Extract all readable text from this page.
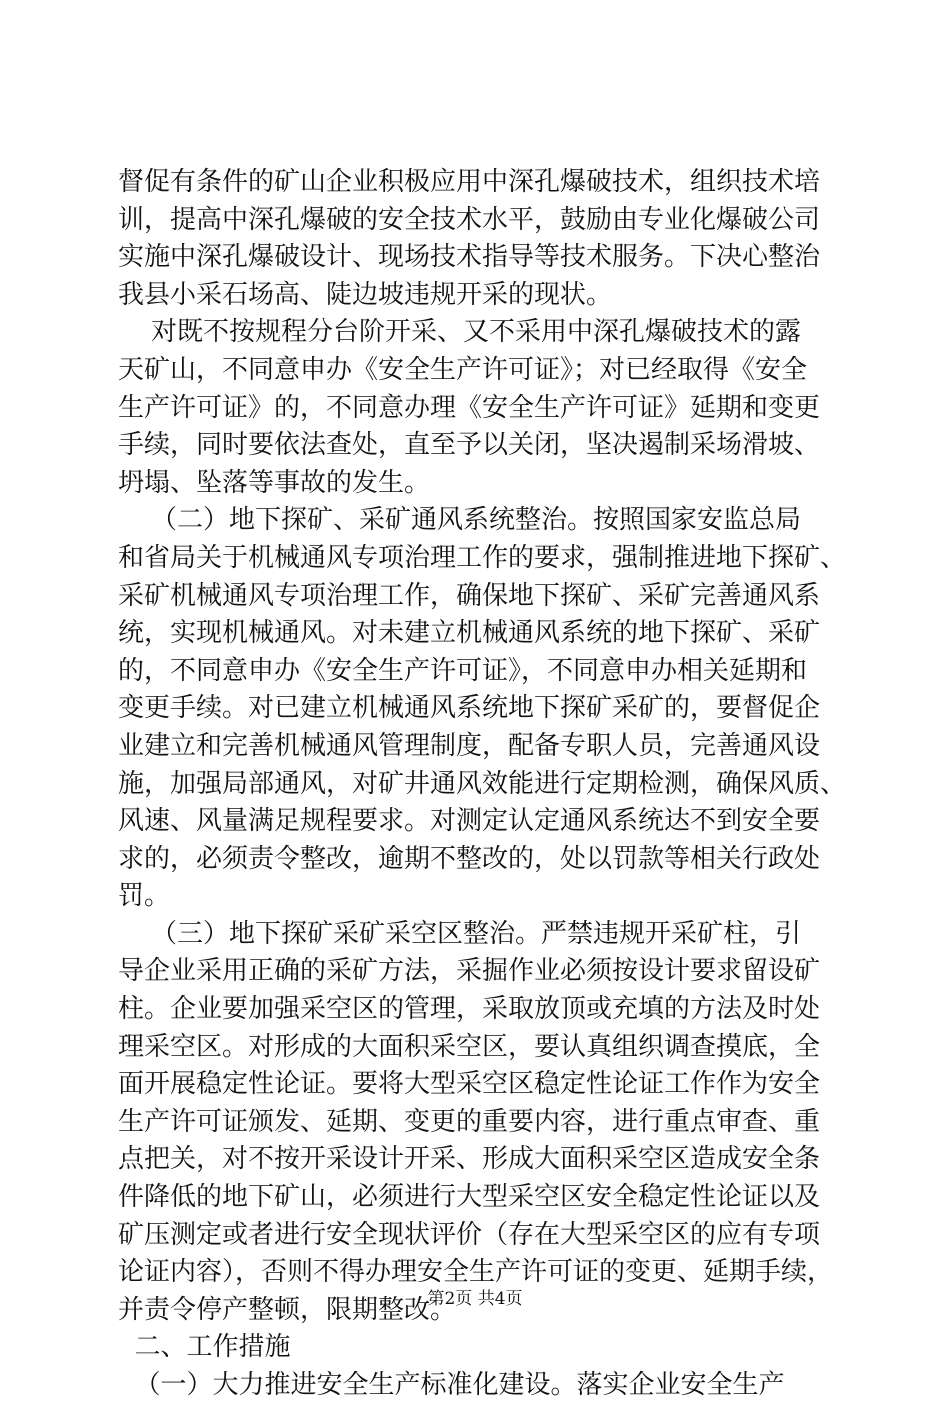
督促有条件的矿山企业积极应用中深孔爆破技术，组织技术培
训，提高中深孔爆破的安全技术水平，鼓励由专业化爆破公司
实施中深孔爆破设计、现场技术指导等技术服务。下决心整治
我县小采石场高、陡边坡违规开采的现状。
对既不按规程分台阶开采、又不采用中深孔爆破技术的露
天矿山，不同意申办《安全生产许可证》；对已经取得《安全
生产许可证》的，不同意办理《安全生产许可证》延期和变更
手续，同时要依法查处，直至予以关闭，坚决遏制采场滑坡、
坍塌、坠落等事故的发生。
（二）地下探矿、采矿通风系统整治。按照国家安监总局
和省局关于机械通风专项治理工作的要求，强制推进地下探矿、
采矿机械通风专项治理工作，确保地下探矿、采矿完善通风系
统，实现机械通风。对未建立机械通风系统的地下探矿、采矿
的，不同意申办《安全生产许可证》，不同意申办相关延期和
变更手续。对已建立机械通风系统地下探矿采矿的，要督促企
业建立和完善机械通风管理制度，配备专职人员，完善通风设
施，加强局部通风，对矿井通风效能进行定期检测，确保风质、
风速、风量满足规程要求。对测定认定通风系统达不到安全要
求的，必须责令整改，逾期不整改的，处以罚款等相关行政处
罚。
（三）地下探矿采矿采空区整治。严禁违规开采矿柱，引
导企业采用正确的采矿方法，采掘作业必须按设计要求留设矿
柱。企业要加强采空区的管理，采取放顶或充填的方法及时处
理采空区。对形成的大面积采空区，要认真组织调查摸底，全
面开展稳定性论证。要将大型采空区稳定性论证工作作为安全
生产许可证颁发、延期、变更的重要内容，进行重点审查、重
点把关，对不按开采设计开采、形成大面积采空区造成安全条
件降低的地下矿山，必须进行大型采空区安全稳定性论证以及
矿压测定或者进行安全现状评价（存在大型采空区的应有专项
论证内容），否则不得办理安全生产许可证的变更、延期手续，
并责令停产整顿，限期整改。
二、工作措施
（一）大力推进安全生产标准化建设。落实企业安全生产
第2页 共4页
